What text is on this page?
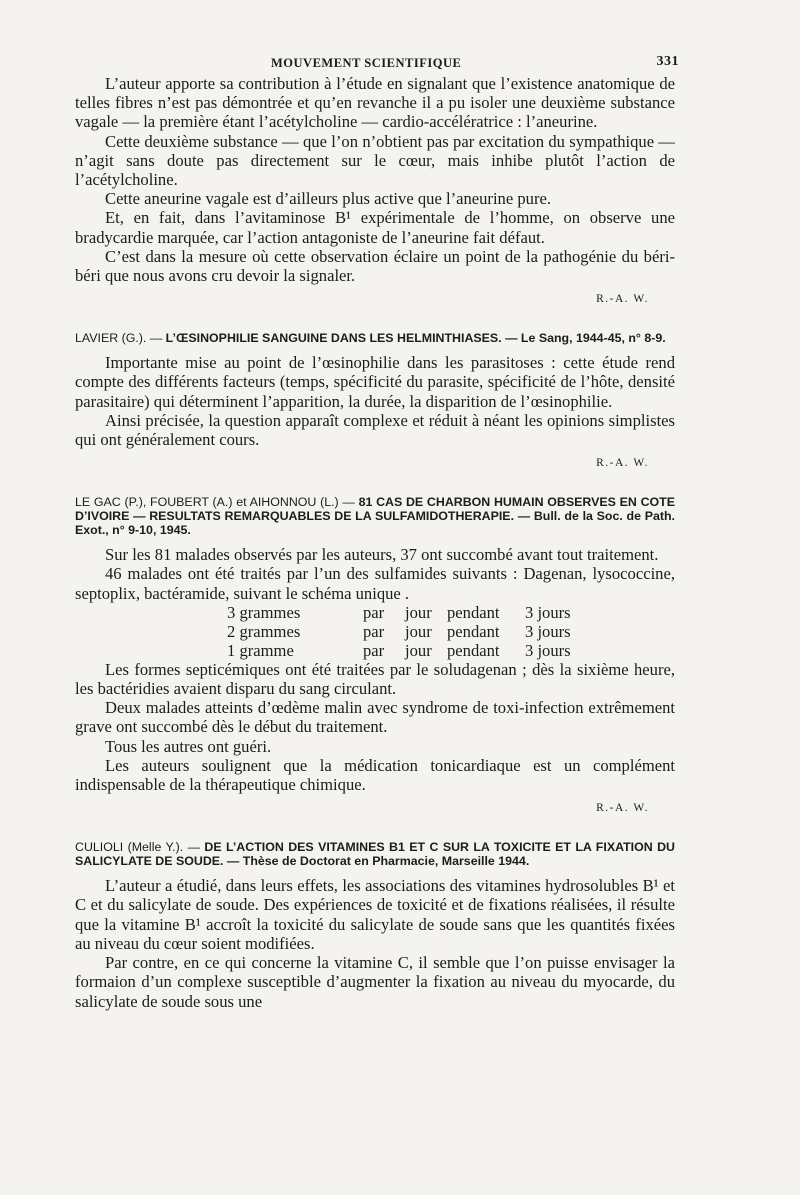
MOUVEMENT SCIENTIFIQUE	331

L’auteur apporte sa contribution à l’étude en signalant que l’existence anatomique de telles fibres n’est pas démontrée et qu’en revanche il a pu isoler une deuxième substance vagale — la première étant l’acétylcholine — cardio-accélératrice : l’aneurine.

Cette deuxième substance — que l’on n’obtient pas par excitation du sympathique — n’agit sans doute pas directement sur le cœur, mais inhibe plutôt l’action de l’acétylcholine.

Cette aneurine vagale est d’ailleurs plus active que l’aneurine pure.

Et, en fait, dans l’avitaminose B¹ expérimentale de l’homme, on observe une bradycardie marquée, car l’action antagoniste de l’aneurine fait défaut.

C’est dans la mesure où cette observation éclaire un point de la pathogénie du béri-béri que nous avons cru devoir la signaler.

R.-A. W.
LAVIER (G.). — L’ŒSINOPHILIE SANGUINE DANS LES HELMINTHIASES. — Le Sang, 1944-45, n° 8-9.

Importante mise au point de l’œsinophilie dans les parasitoses : cette étude rend compte des différents facteurs (temps, spécificité du parasite, spécificité de l’hôte, densité parasitaire) qui déterminent l’apparition, la durée, la disparition de l’œsinophilie.

Ainsi précisée, la question apparaît complexe et réduit à néant les opinions simplistes qui ont généralement cours.

R.-A. W.
LE GAC (P.), FOUBERT (A.) et AIHONNOU (L.) — 81 CAS DE CHARBON HUMAIN OBSERVES EN COTE D’IVOIRE — RESULTATS REMARQUABLES DE LA SULFAMIDOTHERAPIE. — Bull. de la Soc. de Path. Exot., n° 9-10, 1945.

Sur les 81 malades observés par les auteurs, 37 ont succombé avant tout traitement.

46 malades ont été traités par l’un des sulfamides suivants : Dagenan, lysococcine, septoplix, bactéramide, suivant le schéma unique .

3 grammes	par jour pendant 3 jours
2 grammes	par jour pendant 3 jours
1 gramme	par jour pendant 3 jours

Les formes septicémiques ont été traitées par le soludagenan ; dès la sixième heure, les bactéridies avaient disparu du sang circulant.

Deux malades atteints d’œdème malin avec syndrome de toxi-infection extrêmement grave ont succombé dès le début du traitement.

Tous les autres ont guéri.

Les auteurs soulignent que la médication tonicardiaque est un complément indispensable de la thérapeutique chimique.

R.-A. W.
CULIOLI (Melle Y.). — DE L’ACTION DES VITAMINES B1 ET C SUR LA TOXICITE ET LA FIXATION DU SALICYLATE DE SOUDE. — Thèse de Doctorat en Pharmacie, Marseille 1944.

L’auteur a étudié, dans leurs effets, les associations des vitamines hydrosolubles B¹ et C et du salicylate de soude. Des expériences de toxicité et de fixations réalisées, il résulte que la vitamine B¹ accroît la toxicité du salicylate de soude sans que les quantités fixées au niveau du cœur soient modifiées.

Par contre, en ce qui concerne la vitamine C, il semble que l’on puisse envisager la formaion d’un complexe susceptible d’augmenter la fixation au niveau du myocarde, du salicylate de soude sous une
